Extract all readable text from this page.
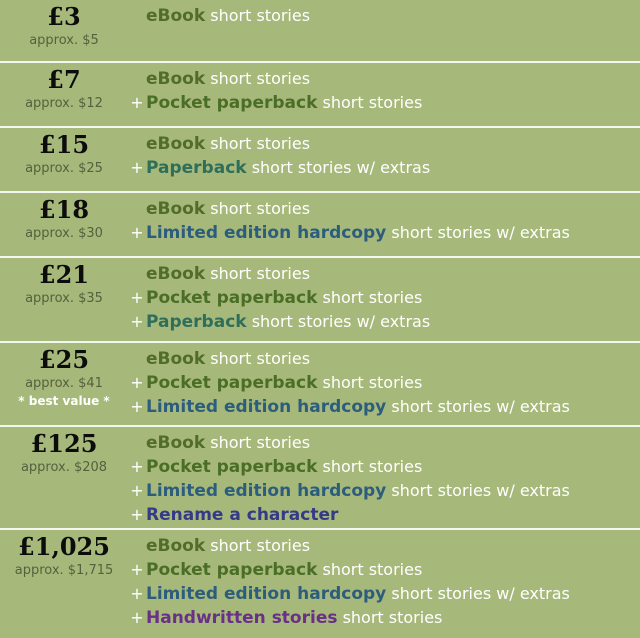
£3
approx. $5
eBook short stories
£7
approx. $12
eBook short stories
+ Pocket paperback short stories
£15
approx. $25
eBook short stories
+ Paperback short stories w/ extras
£18
approx. $30
eBook short stories
+ Limited edition hardcopy short stories w/ extras
£21
approx. $35
eBook short stories
+ Pocket paperback short stories
+ Paperback short stories w/ extras
£25
approx. $41
* best value *
eBook short stories
+ Pocket paperback short stories
+ Limited edition hardcopy short stories w/ extras
£125
approx. $208
eBook short stories
+ Pocket paperback short stories
+ Limited edition hardcopy short stories w/ extras
+ Rename a character
£1,025
approx. $1,715
eBook short stories
+ Pocket paperback short stories
+ Limited edition hardcopy short stories w/ extras
+ Handwritten stories short stories
